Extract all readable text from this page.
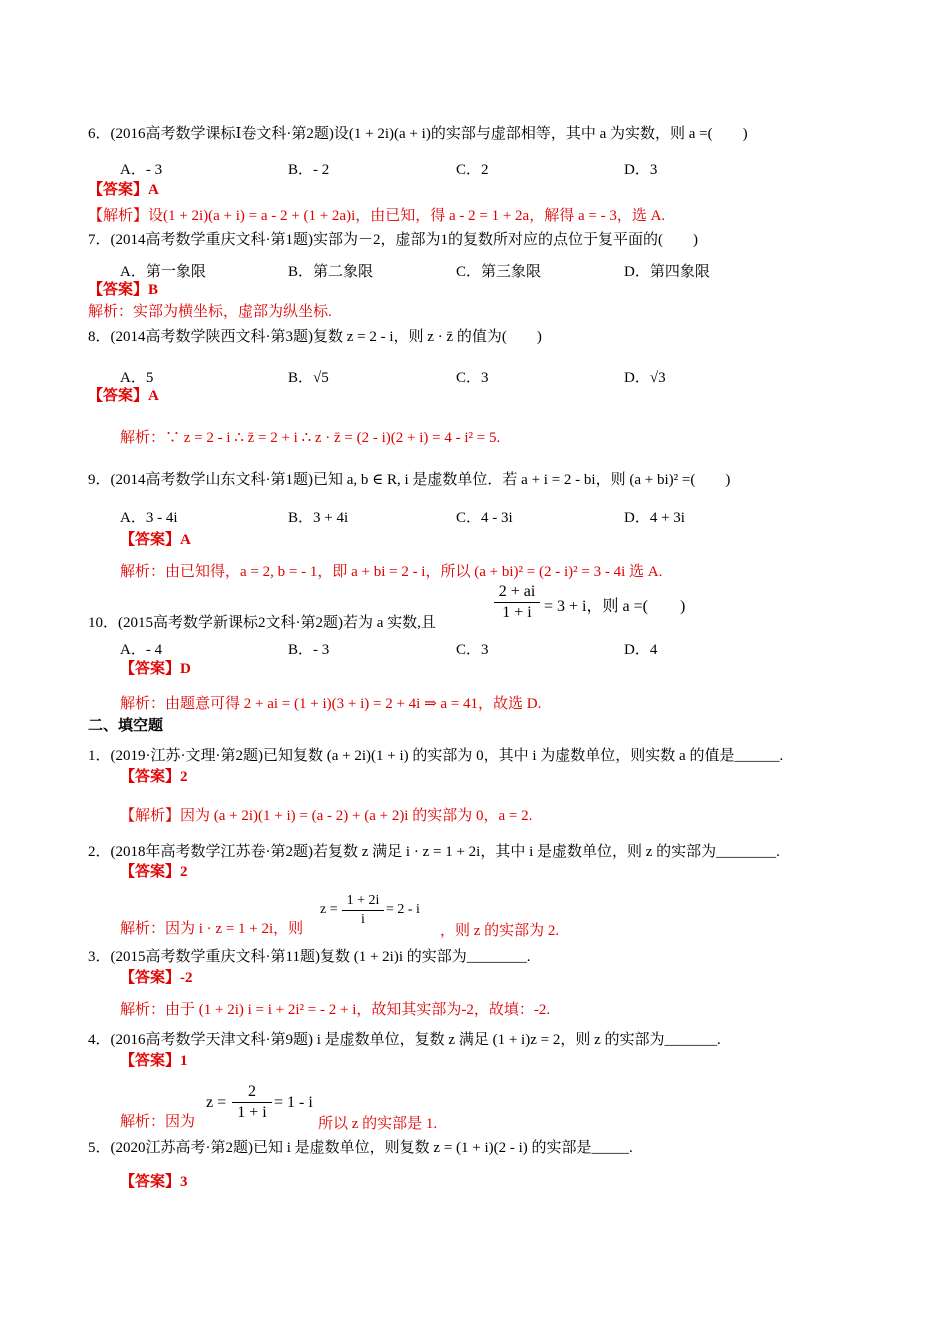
6．(2016高考数学课标Ⅰ卷文科·第2题)设(1 + 2i)(a + i)的实部与虚部相等，其中 a 为实数，则 a =(　　)
A．- 3	B．- 2	C．2	D．3
【答案】A
【解析】设(1 + 2i)(a + i) = a - 2 + (1 + 2a)i，由已知，得 a - 2 = 1 + 2a，解得 a = - 3，选 A.
7．(2014高考数学重庆文科·第1题)实部为－2，虚部为1的复数所对应的点位于复平面的(　　)
A．第一象限	B．第二象限	C．第三象限	D．第四象限
【答案】B
解析：实部为横坐标，虚部为纵坐标.
8．(2014高考数学陕西文科·第3题)复数 z = 2 - i，则 z · z̄ 的值为(　　)
A．5	B．√5	C．3	D．√3
【答案】A
解析：∵ z = 2 - i ∴ z̄ = 2 + i ∴ z · z̄ = (2 - i)(2 + i) = 4 - i² = 5.
9．(2014高考数学山东文科·第1题)已知 a, b ∈ R, i 是虚数单位．若 a + i = 2 - bi，则 (a + bi)² =(　　)
A．3 - 4i	B．3 + 4i	C．4 - 3i	D．4 + 3i
【答案】A
解析：由已知得，a = 2, b = - 1，即 a + bi = 2 - i，所以 (a + bi)² = (2 - i)² = 3 - 4i 选 A.
10．(2015高考数学新课标2文科·第2题)若为 a 实数,且
2 + ai
1 + i = 3 + i，则 a =(　　)
A．- 4	B．- 3	C．3	D．4
【答案】D
解析：由题意可得 2 + ai = (1 + i)(3 + i) = 2 + 4i ⇒ a = 41，故选 D.
二、填空题
1．(2019·江苏·文理·第2题)已知复数 (a + 2i)(1 + i) 的实部为 0，其中 i 为虚数单位，则实数 a 的值是______.
【答案】2
【解析】因为 (a + 2i)(1 + i) = (a - 2) + (a + 2)i 的实部为 0，a = 2.
2．(2018年高考数学江苏卷·第2题)若复数 z 满足 i · z = 1 + 2i，其中 i 是虚数单位，则 z 的实部为________.
【答案】2
解析：因为 i · z = 1 + 2i，则
z =
1 + 2i
i
= 2 - i
，则 z 的实部为 2.
3．(2015高考数学重庆文科·第11题)复数 (1 + 2i)i 的实部为________.
【答案】-2
解析：由于 (1 + 2i) i = i + 2i² = - 2 + i，故知其实部为-2，故填：-2.
4．(2016高考数学天津文科·第9题) i 是虚数单位，复数 z 满足 (1 + i)z = 2，则 z 的实部为_______.
【答案】1
解析：因为
z =
2
1 + i
= 1 - i
所以 z 的实部是 1.
5．(2020江苏高考·第2题)已知 i 是虚数单位，则复数 z = (1 + i)(2 - i) 的实部是_____.
【答案】3
